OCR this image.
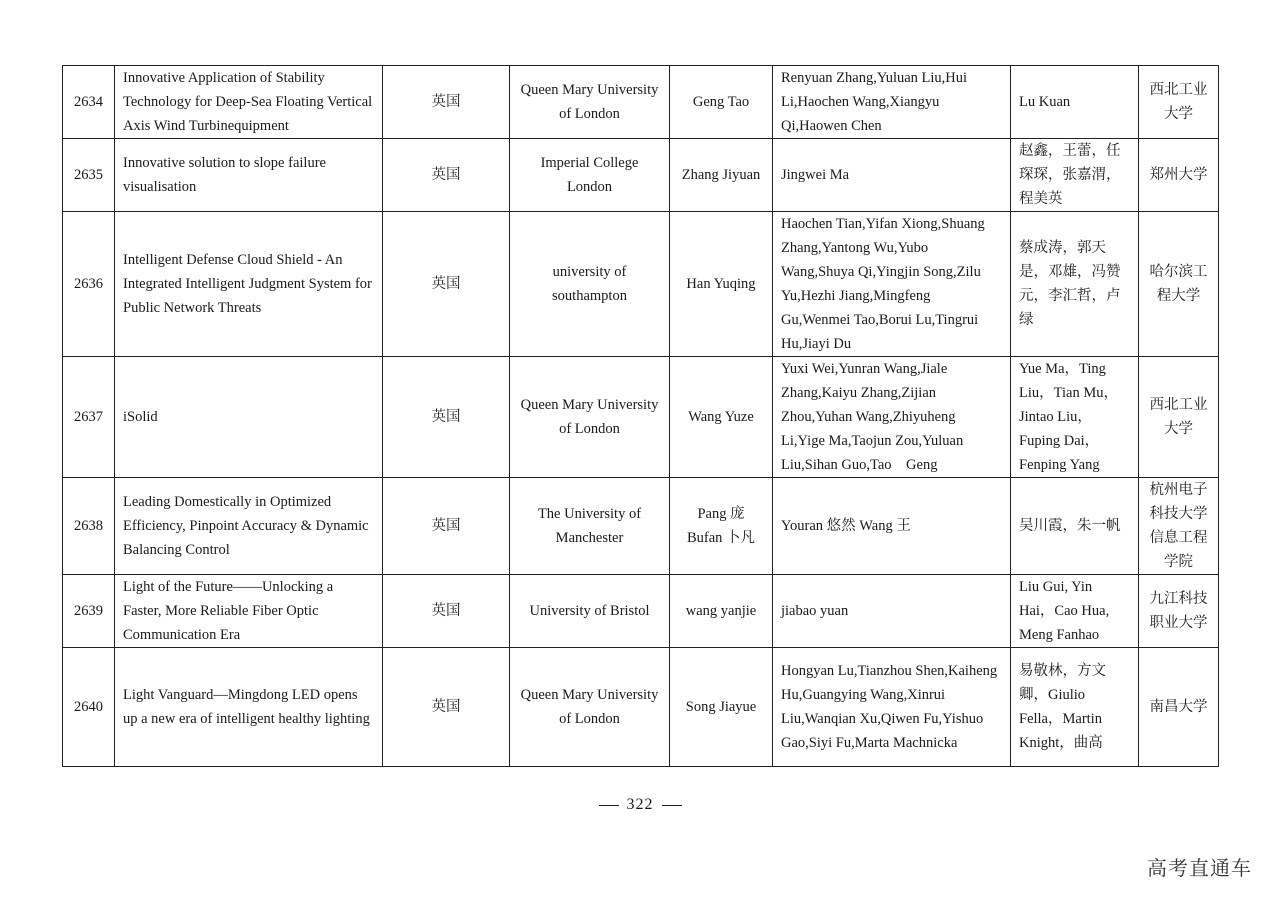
2634	Innovative Application of Stability Technology for Deep-Sea Floating Vertical Axis Wind Turbinequipment	英国	Queen Mary University of London	Geng Tao	Renyuan Zhang,Yuluan Liu,Hui Li,Haochen Wang,Xiangyu Qi,Haowen Chen	Lu Kuan	西北工业大学
2635	Innovative solution to slope failure visualisation	英国	Imperial College London	Zhang Jiyuan	Jingwei Ma	赵鑫，王蕾，任琛琛，张嘉渭，程美英	郑州大学
2636	Intelligent Defense Cloud Shield - An Integrated Intelligent Judgment System for Public Network Threats	英国	university of southampton	Han Yuqing	Haochen Tian,Yifan Xiong,Shuang Zhang,Yantong Wu,Yubo Wang,Shuya Qi,Yingjin Song,Zilu Yu,Hezhi Jiang,Mingfeng Gu,Wenmei Tao,Borui Lu,Tingrui Hu,Jiayi Du	蔡成涛，郭天是，邓雄，冯赞元，李汇哲，卢绿	哈尔滨工程大学
2637	iSolid	英国	Queen Mary University of London	Wang Yuze	Yuxi Wei,Yunran Wang,Jiale Zhang,Kaiyu Zhang,Zijian Zhou,Yuhan Wang,Zhiyuheng Li,Yige Ma,Taojun Zou,Yuluan Liu,Sihan Guo,Tao　Geng	Yue Ma，Ting Liu，Tian Mu，Jintao Liu，Fuping Dai，Fenping Yang	西北工业大学
2638	Leading Domestically in Optimized Efficiency, Pinpoint Accuracy & Dynamic Balancing Control	英国	The University of Manchester	Pang 庞 Bufan 卜凡	Youran 悠然 Wang 王	吴川霞，朱一帆	杭州电子科技大学信息工程学院
2639	Light of the Future——Unlocking a Faster, More Reliable Fiber Optic Communication Era	英国	University of Bristol	wang yanjie	jiabao yuan	Liu Gui, Yin Hai，Cao Hua, Meng Fanhao	九江科技职业大学
2640	Light Vanguard—Mingdong LED opens up a new era of intelligent healthy lighting	英国	Queen Mary University of London	Song Jiayue	Hongyan Lu,Tianzhou Shen,Kaiheng Hu,Guangying Wang,Xinrui Liu,Wanqian Xu,Qiwen Fu,Yishuo Gao,Siyi Fu,Marta Machnicka	易敬林，方文卿，Giulio Fella，Martin Knight，曲高	南昌大学
322
高考直通车
